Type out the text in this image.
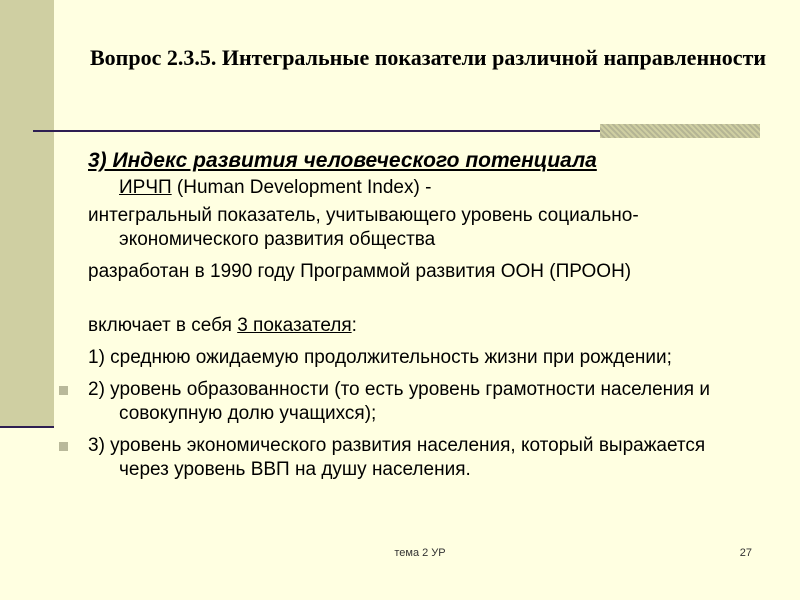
Вопрос 2.3.5. Интегральные показатели различной направленности

3) Индекс развития человеческого потенциала
ИРЧП (Human Development Index) -

интегральный показатель, учитывающего уровень социально-экономического развития общества

разработан в 1990 году Программой развития ООН (ПРООН)

включает в себя 3 показателя:

1) среднюю ожидаемую продолжительность жизни при рождении;

2) уровень образованности (то есть уровень грамотности населения и совокупную долю учащихся);

3) уровень экономического развития населения, который выражается через уровень ВВП на душу населения.

тема 2 УР	27
